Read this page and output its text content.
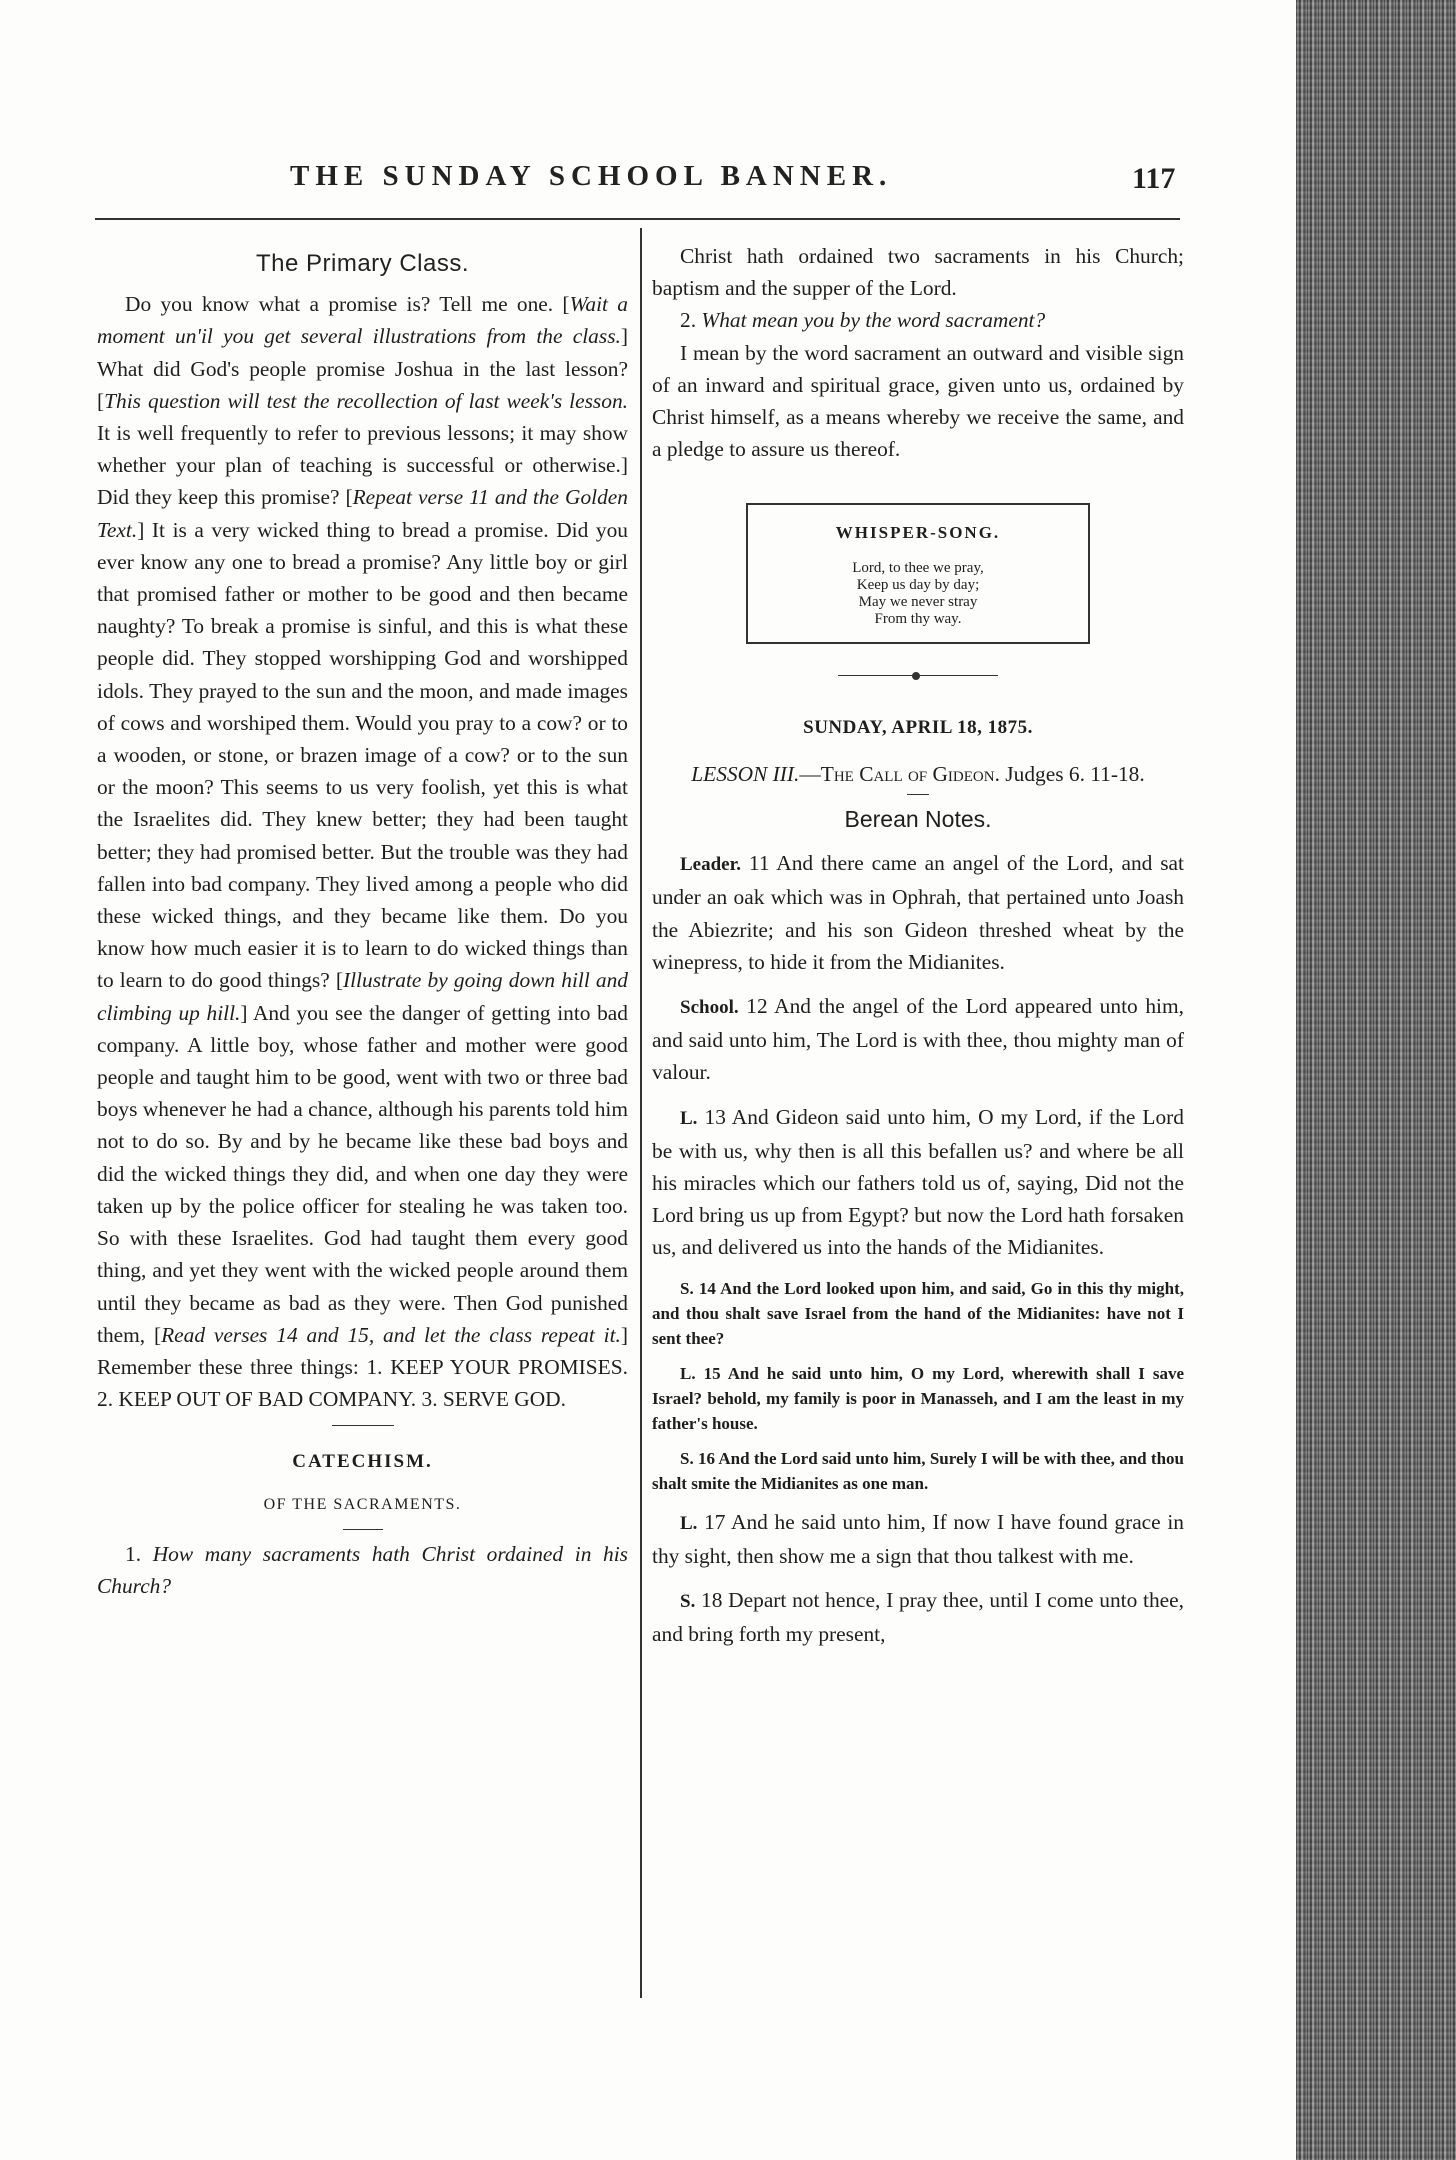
THE SUNDAY SCHOOL BANNER.	117
The Primary Class.

Do you know what a promise is? Tell me one. [Wait a moment un'il you get several illustrations from the class.] What did God's people promise Joshua in the last lesson? [This question will test the recollection of last week's lesson. It is well frequently to refer to previous lessons; it may show whether your plan of teaching is successful or otherwise.] Did they keep this promise? [Repeat verse 11 and the Golden Text.] It is a very wicked thing to bread a promise. Did you ever know any one to bread a promise? Any little boy or girl that promised father or mother to be good and then became naughty? To break a promise is sinful, and this is what these people did. They stopped worshipping God and worshipped idols. They prayed to the sun and the moon, and made images of cows and worshiped them. Would you pray to a cow? or to a wooden, or stone, or brazen image of a cow? or to the sun or the moon? This seems to us very foolish, yet this is what the Israelites did. They knew better; they had been taught better; they had promised better. But the trouble was they had fallen into bad company. They lived among a people who did these wicked things, and they became like them. Do you know how much easier it is to learn to do wicked things than to learn to do good things? [Illustrate by going down hill and climbing up hill.] And you see the danger of getting into bad company. A little boy, whose father and mother were good people and taught him to be good, went with two or three bad boys whenever he had a chance, although his parents told him not to do so. By and by he became like these bad boys and did the wicked things they did, and when one day they were taken up by the police officer for stealing he was taken too. So with these Israelites. God had taught them every good thing, and yet they went with the wicked people around them until they became as bad as they were. Then God punished them, [Read verses 14 and 15, and let the class repeat it.] Remember these three things: 1. KEEP YOUR PROMISES. 2. KEEP OUT OF BAD COMPANY. 3. SERVE GOD.

CATECHISM.
OF THE SACRAMENTS.

1. How many sacraments hath Christ ordained in his Church?

Christ hath ordained two sacraments in his Church; baptism and the supper of the Lord.

2. What mean you by the word sacrament?

I mean by the word sacrament an outward and visible sign of an inward and spiritual grace, given unto us, ordained by Christ himself, as a means whereby we receive the same, and a pledge to assure us thereof.

WHISPER-SONG.
Lord, to thee we pray,
Keep us day by day;
May we never stray
From thy way.
SUNDAY, APRIL 18, 1875.
LESSON III.—The Call of Gideon. Judges 6. 11-18.
Berean Notes.

Leader. 11 And there came an angel of the Lord, and sat under an oak which was in Ophrah, that pertained unto Joash the Abiezrite; and his son Gideon threshed wheat by the winepress, to hide it from the Midianites.

School. 12 And the angel of the Lord appeared unto him, and said unto him, The Lord is with thee, thou mighty man of valour.

L. 13 And Gideon said unto him, O my Lord, if the Lord be with us, why then is all this befallen us? and where be all his miracles which our fathers told us of, saying, Did not the Lord bring us up from Egypt? but now the Lord hath forsaken us, and delivered us into the hands of the Midianites.

S. 14 And the Lord looked upon him, and said, Go in this thy might, and thou shalt save Israel from the hand of the Midianites: have not I sent thee?

L. 15 And he said unto him, O my Lord, wherewith shall I save Israel? behold, my family is poor in Manasseh, and I am the least in my father's house.

S. 16 And the Lord said unto him, Surely I will be with thee, and thou shalt smite the Midianites as one man.

L. 17 And he said unto him, If now I have found grace in thy sight, then show me a sign that thou talkest with me.

S. 18 Depart not hence, I pray thee, until I come unto thee, and bring forth my present,
